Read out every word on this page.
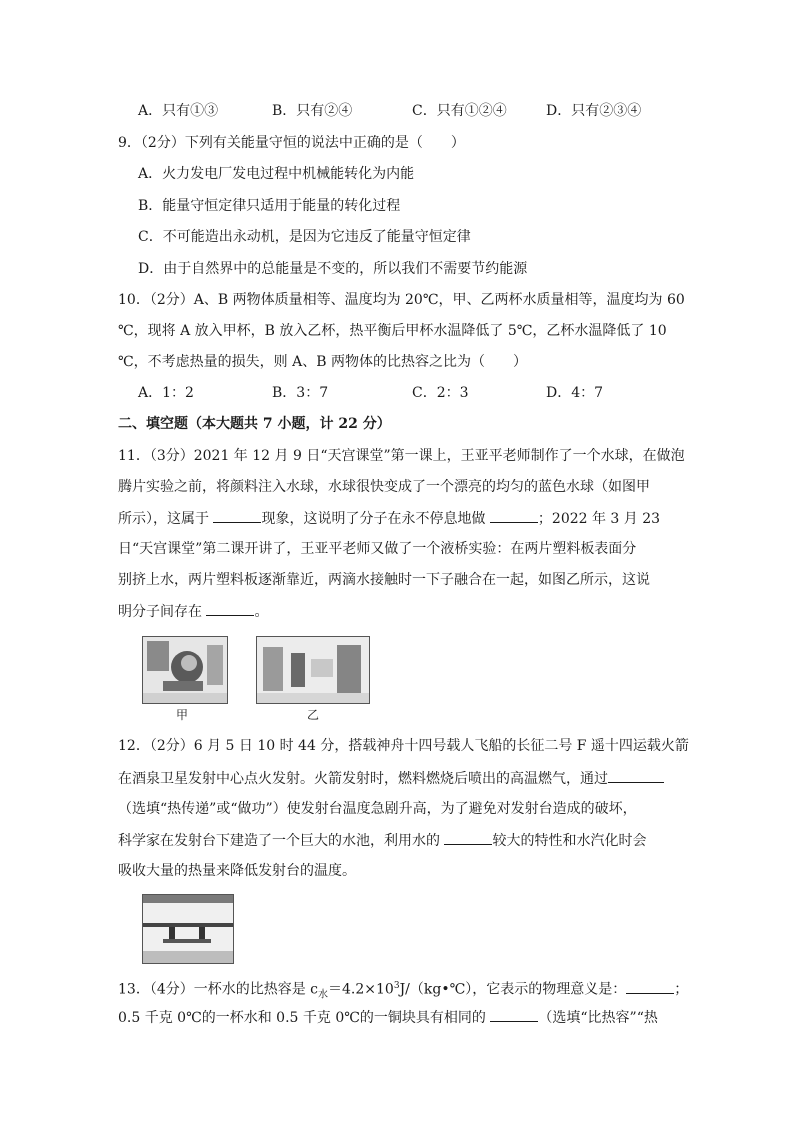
A．只有①③	B．只有②④	C．只有①②④	D．只有②③④
9．（2分）下列有关能量守恒的说法中正确的是（　　）
A．火力发电厂发电过程中机械能转化为内能
B．能量守恒定律只适用于能量的转化过程
C．不可能造出永动机，是因为它违反了能量守恒定律
D．由于自然界中的总能量是不变的，所以我们不需要节约能源
10．（2分）A、B 两物体质量相等、温度均为 20℃，甲、乙两杯水质量相等，温度均为 60
℃，现将 A 放入甲杯，B 放入乙杯，热平衡后甲杯水温降低了 5℃，乙杯水温降低了 10
℃，不考虑热量的损失，则 A、B 两物体的比热容之比为（　　）
A．1：2	B．3：7	C．2：3	D．4：7
二、填空题（本大题共 7 小题，计 22 分）
11．（3分）2021 年 12 月 9 日“天宫课堂”第一课上，王亚平老师制作了一个水球，在做泡
腾片实验之前，将颜料注入水球，水球很快变成了一个漂亮的均匀的蓝色水球（如图甲
所示），这属于	现象，这说明了分子在永不停息地做	；2022 年 3 月 23
日“天宫课堂”第二课开讲了，王亚平老师又做了一个液桥实验：在两片塑料板表面分
别挤上水，两片塑料板逐渐靠近，两滴水接触时一下子融合在一起，如图乙所示，这说
明分子间存在	。
甲	乙
12．（2分）6 月 5 日 10 时 44 分，搭载神舟十四号载人飞船的长征二号 F 遥十四运载火箭
在酒泉卫星发射中心点火发射。火箭发射时，燃料燃烧后喷出的高温燃气，通过
（选填“热传递”或“做功”）使发射台温度急剧升高，为了避免对发射台造成的破坏，
科学家在发射台下建造了一个巨大的水池，利用水的	较大的特性和水汽化时会
吸收大量的热量来降低发射台的温度。
13．（4分）一杯水的比热容是 $c_水=4.2\times 10^3J/(kg•℃)$，它表示的物理意义是：	；
0.5 千克 0℃的一杯水和 0.5 千克 0℃的一铜块具有相同的	（选填“比热容”“热
